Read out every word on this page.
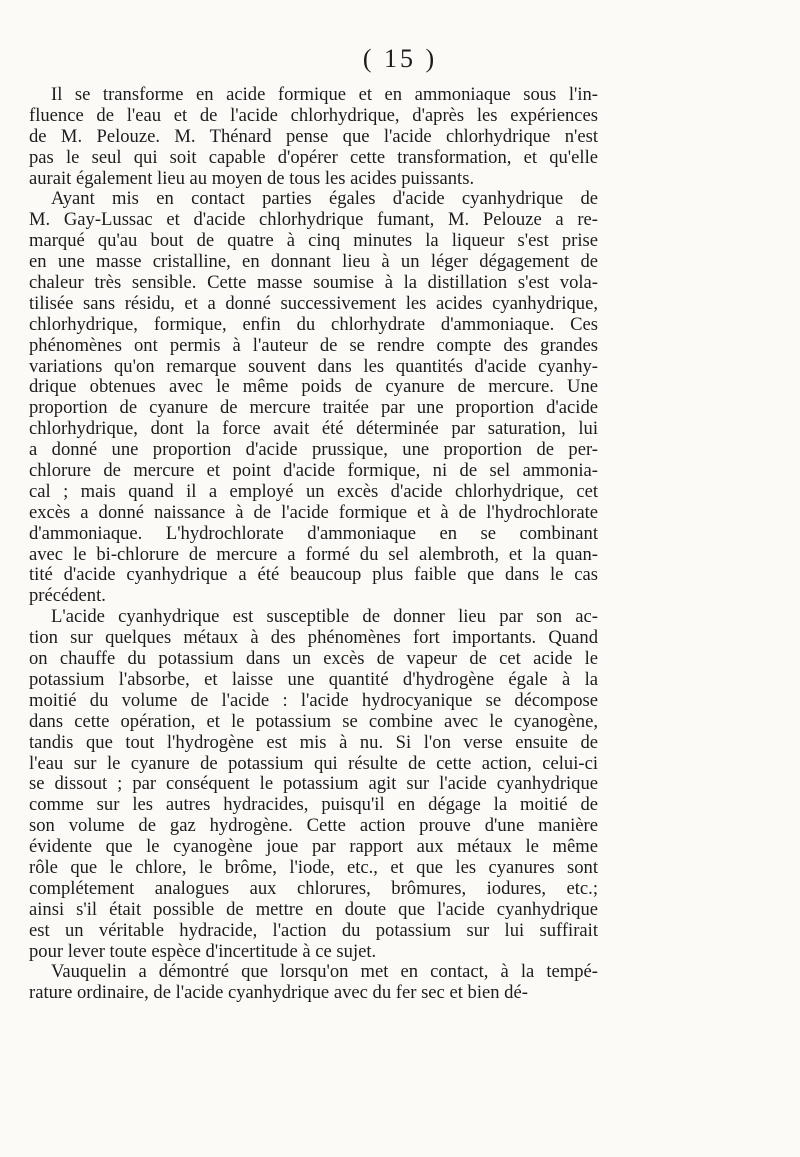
( 15 )
Il se transforme en acide formique et en ammoniaque sous l'in-
fluence de l'eau et de l'acide chlorhydrique, d'après les expériences
de M. Pelouze. M. Thénard pense que l'acide chlorhydrique n'est
pas le seul qui soit capable d'opérer cette transformation, et qu'elle
aurait également lieu au moyen de tous les acides puissants.
Ayant mis en contact parties égales d'acide cyanhydrique de
M. Gay-Lussac et d'acide chlorhydrique fumant, M. Pelouze a re-
marqué qu'au bout de quatre à cinq minutes la liqueur s'est prise
en une masse cristalline, en donnant lieu à un léger dégagement de
chaleur très sensible. Cette masse soumise à la distillation s'est vola-
tilisée sans résidu, et a donné successivement les acides cyanhydrique,
chlorhydrique, formique, enfin du chlorhydrate d'ammoniaque. Ces
phénomènes ont permis à l'auteur de se rendre compte des grandes
variations qu'on remarque souvent dans les quantités d'acide cyanhy-
drique obtenues avec le même poids de cyanure de mercure. Une
proportion de cyanure de mercure traitée par une proportion d'acide
chlorhydrique, dont la force avait été déterminée par saturation, lui
a donné une proportion d'acide prussique, une proportion de per-
chlorure de mercure et point d'acide formique, ni de sel ammonia-
cal ; mais quand il a employé un excès d'acide chlorhydrique, cet
excès a donné naissance à de l'acide formique et à de l'hydrochlorate
d'ammoniaque. L'hydrochlorate d'ammoniaque en se combinant
avec le bi-chlorure de mercure a formé du sel alembroth, et la quan-
tité d'acide cyanhydrique a été beaucoup plus faible que dans le cas
précédent.
L'acide cyanhydrique est susceptible de donner lieu par son ac-
tion sur quelques métaux à des phénomènes fort importants. Quand
on chauffe du potassium dans un excès de vapeur de cet acide le
potassium l'absorbe, et laisse une quantité d'hydrogène égale à la
moitié du volume de l'acide : l'acide hydrocyanique se décompose
dans cette opération, et le potassium se combine avec le cyanogène,
tandis que tout l'hydrogène est mis à nu. Si l'on verse ensuite de
l'eau sur le cyanure de potassium qui résulte de cette action, celui-ci
se dissout ; par conséquent le potassium agit sur l'acide cyanhydrique
comme sur les autres hydracides, puisqu'il en dégage la moitié de
son volume de gaz hydrogène. Cette action prouve d'une manière
évidente que le cyanogène joue par rapport aux métaux le même
rôle que le chlore, le brôme, l'iode, etc., et que les cyanures sont
complétement analogues aux chlorures, brômures, iodures, etc.;
ainsi s'il était possible de mettre en doute que l'acide cyanhydrique
est un véritable hydracide, l'action du potassium sur lui suffirait
pour lever toute espèce d'incertitude à ce sujet.
Vauquelin a démontré que lorsqu'on met en contact, à la tempé-
rature ordinaire, de l'acide cyanhydrique avec du fer sec et bien dé-
